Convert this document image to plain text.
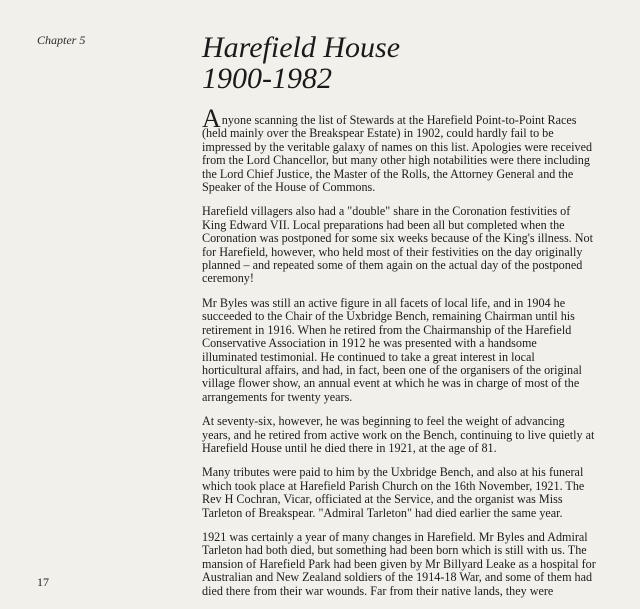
Chapter 5	Harefield House
1900-1982

Anyone scanning the list of Stewards at the Harefield Point-to-Point Races
(held mainly over the Breakspear Estate) in 1902, could hardly fail to be
impressed by the veritable galaxy of names on this list. Apologies were received
from the Lord Chancellor, but many other high notabilities were there including
the Lord Chief Justice, the Master of the Rolls, the Attorney General and the
Speaker of the House of Commons.

Harefield villagers also had a "double" share in the Coronation festivities of
King Edward VII. Local preparations had been all but completed when the
Coronation was postponed for some six weeks because of the King's illness. Not
for Harefield, however, who held most of their festivities on the day originally
planned – and repeated some of them again on the actual day of the postponed
ceremony!

Mr Byles was still an active figure in all facets of local life, and in 1904 he
succeeded to the Chair of the Uxbridge Bench, remaining Chairman until his
retirement in 1916. When he retired from the Chairmanship of the Harefield
Conservative Association in 1912 he was presented with a handsome
illuminated testimonial. He continued to take a great interest in local
horticultural affairs, and had, in fact, been one of the organisers of the original
village flower show, an annual event at which he was in charge of most of the
arrangements for twenty years.

At seventy-six, however, he was beginning to feel the weight of advancing
years, and he retired from active work on the Bench, continuing to live quietly at
Harefield House until he died there in 1921, at the age of 81.

Many tributes were paid to him by the Uxbridge Bench, and also at his funeral
which took place at Harefield Parish Church on the 16th November, 1921. The
Rev H Cochran, Vicar, officiated at the Service, and the organist was Miss
Tarleton of Breakspear. "Admiral Tarleton" had died earlier the same year.

1921 was certainly a year of many changes in Harefield. Mr Byles and Admiral
Tarleton had both died, but something had been born which is still with us. The
mansion of Harefield Park had been given by Mr Billyard Leake as a hospital for
Australian and New Zealand soldiers of the 1914-18 War, and some of them had
died there from their war wounds. Far from their native lands, they were

17
